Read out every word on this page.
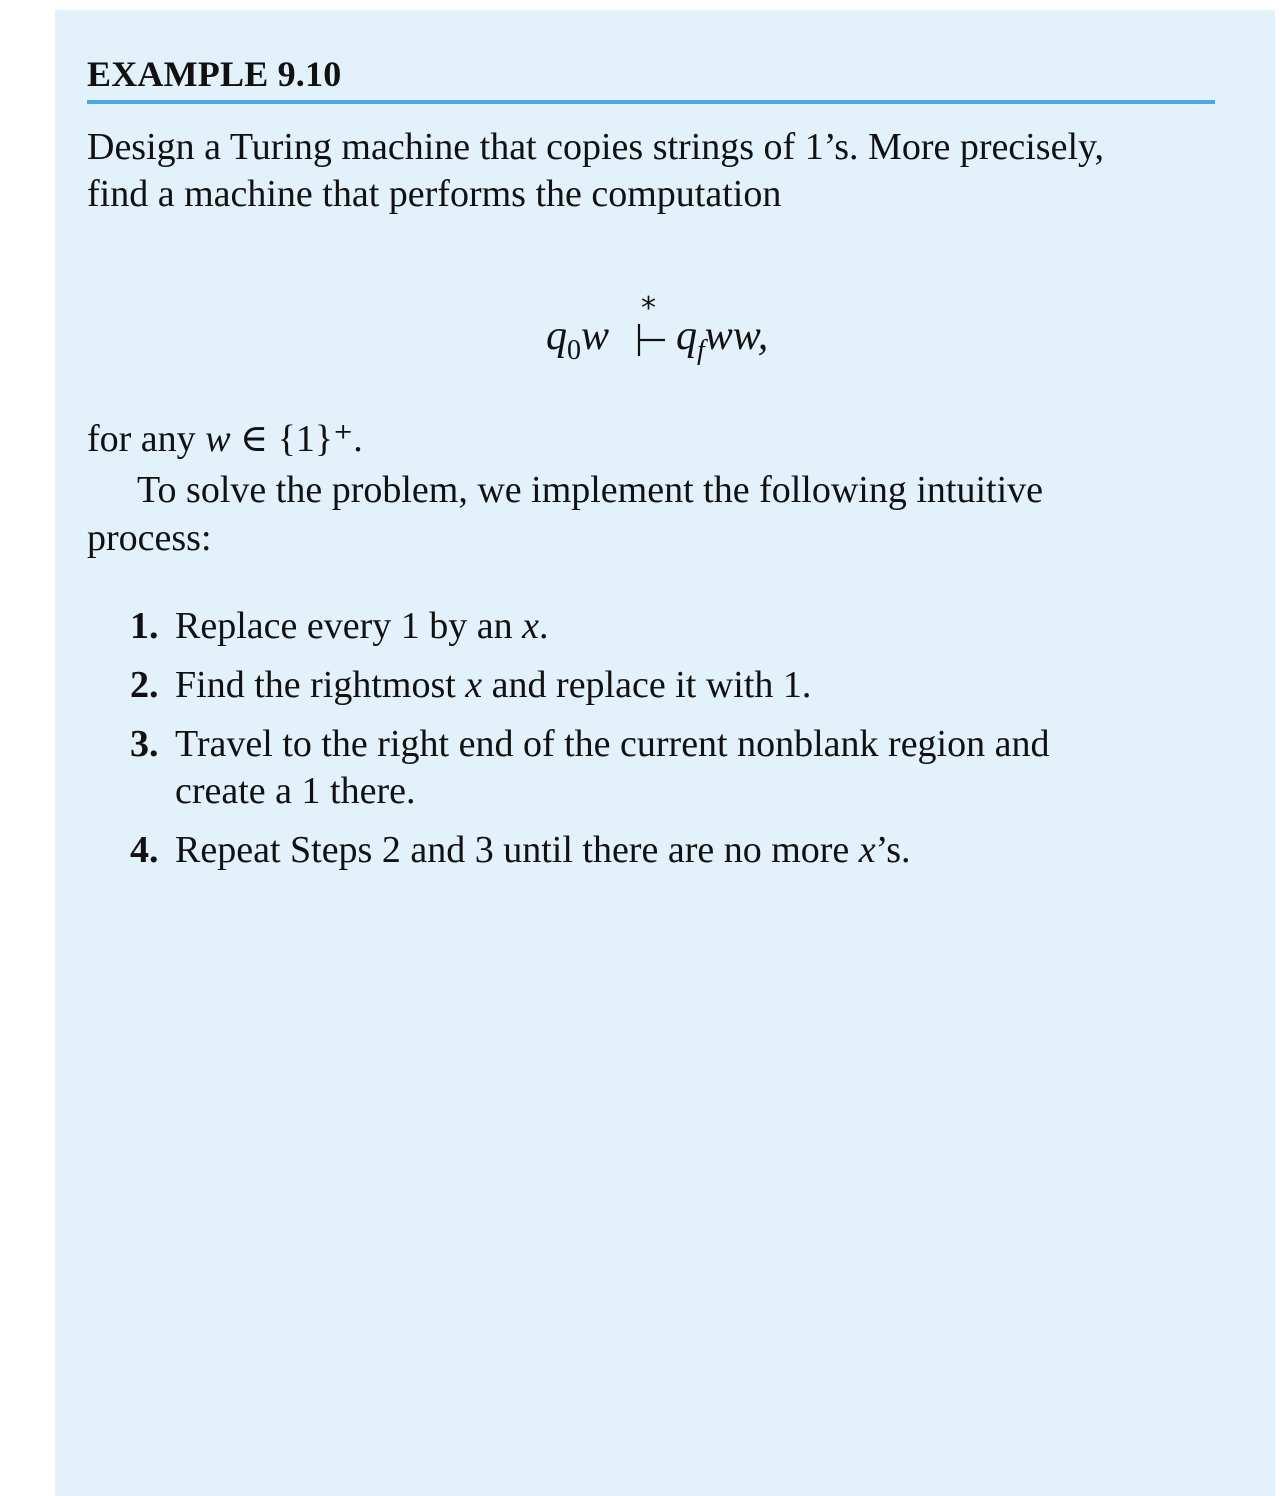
EXAMPLE 9.10
Design a Turing machine that copies strings of 1’s. More precisely,
find a machine that performs the computation
$q_0w$
*
$q_fww$,
for any w ∈ {1}⁺.
To solve the problem, we implement the following intuitive
process:
1. Replace every 1 by an x.
2. Find the rightmost x and replace it with 1.
3. Travel to the right end of the current nonblank region and
create a 1 there.
4. Repeat Steps 2 and 3 until there are no more x’s.
